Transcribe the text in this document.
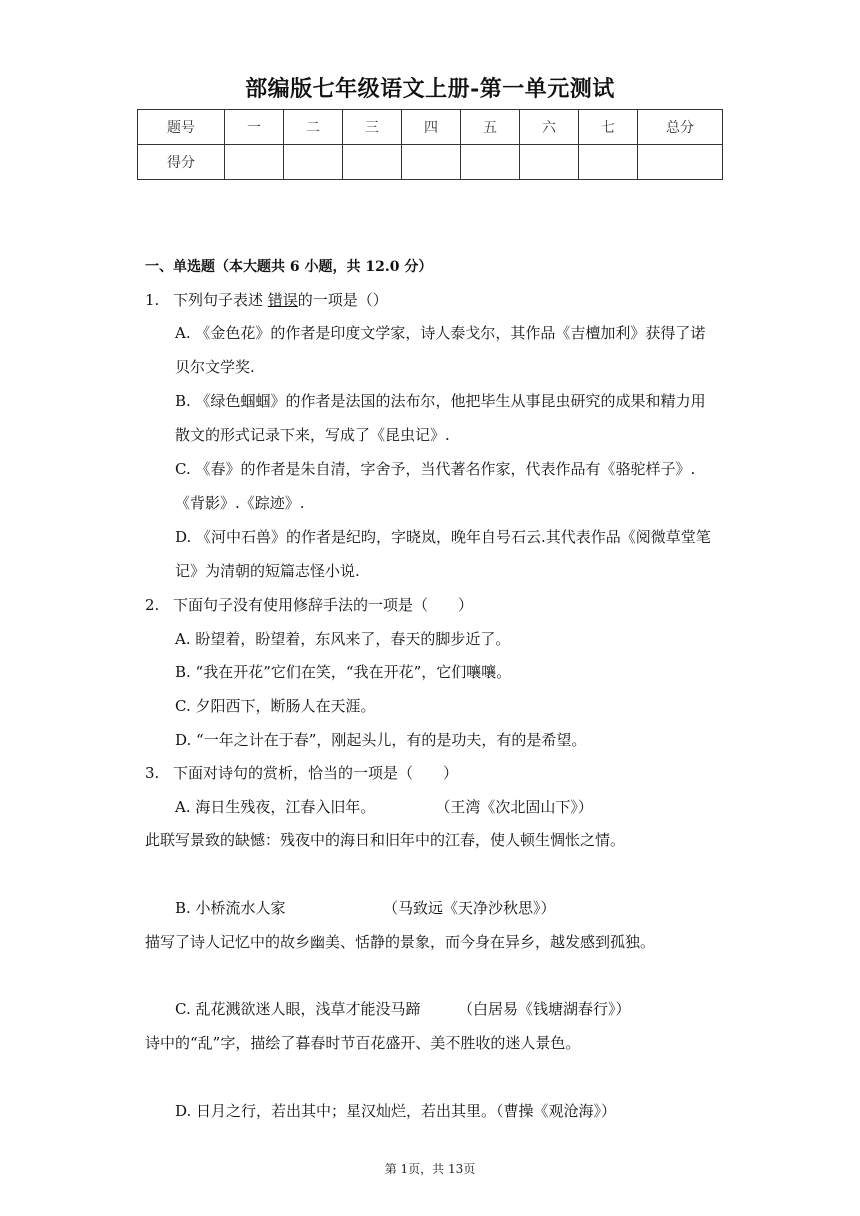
部编版七年级语文上册-第一单元测试
题号	一	二	三	四	五	六	七	总分
得分								
一、单选题（本大题共 6 小题，共 12.0 分）
1. 下列句子表述 错误的一项是（）
A. 《金色花》的作者是印度文学家，诗人泰戈尔，其作品《吉檀加利》获得了诺
贝尔文学奖.
B. 《绿色蝈蝈》的作者是法国的法布尔，他把毕生从事昆虫研究的成果和精力用
散文的形式记录下来，写成了《昆虫记》.
C. 《春》的作者是朱自清，字舍予，当代著名作家，代表作品有《骆驼样子》.
《背影》.《踪迹》.
D. 《河中石兽》的作者是纪昀，字晓岚，晚年自号石云.其代表作品《阅微草堂笔
记》为清朝的短篇志怪小说.
2. 下面句子没有使用修辞手法的一项是（　　）
A. 盼望着，盼望着，东风来了，春天的脚步近了。
B. “我在开花”它们在笑，“我在开花”，它们嚷嚷。
C. 夕阳西下，断肠人在天涯。
D. “一年之计在于春”，刚起头儿，有的是功夫，有的是希望。
3. 下面对诗句的赏析，恰当的一项是（　　）
A. 海日生残夜，江春入旧年。　　　　　（王湾《次北固山下》）
此联写景致的缺憾：残夜中的海日和旧年中的江春，使人顿生惆怅之情。
B. 小桥流水人家　　　　　　　（马致远《天净沙秋思》）
描写了诗人记忆中的故乡幽美、恬静的景象，而今身在异乡，越发感到孤独。
C. 乱花溅欲迷人眼，浅草才能没马蹄　　　（白居易《钱塘湖春行》）
诗中的“乱”字，描绘了暮春时节百花盛开、美不胜收的迷人景色。
D. 日月之行，若出其中；星汉灿烂，若出其里。（曹操《观沧海》）
第 1页，共 13页
